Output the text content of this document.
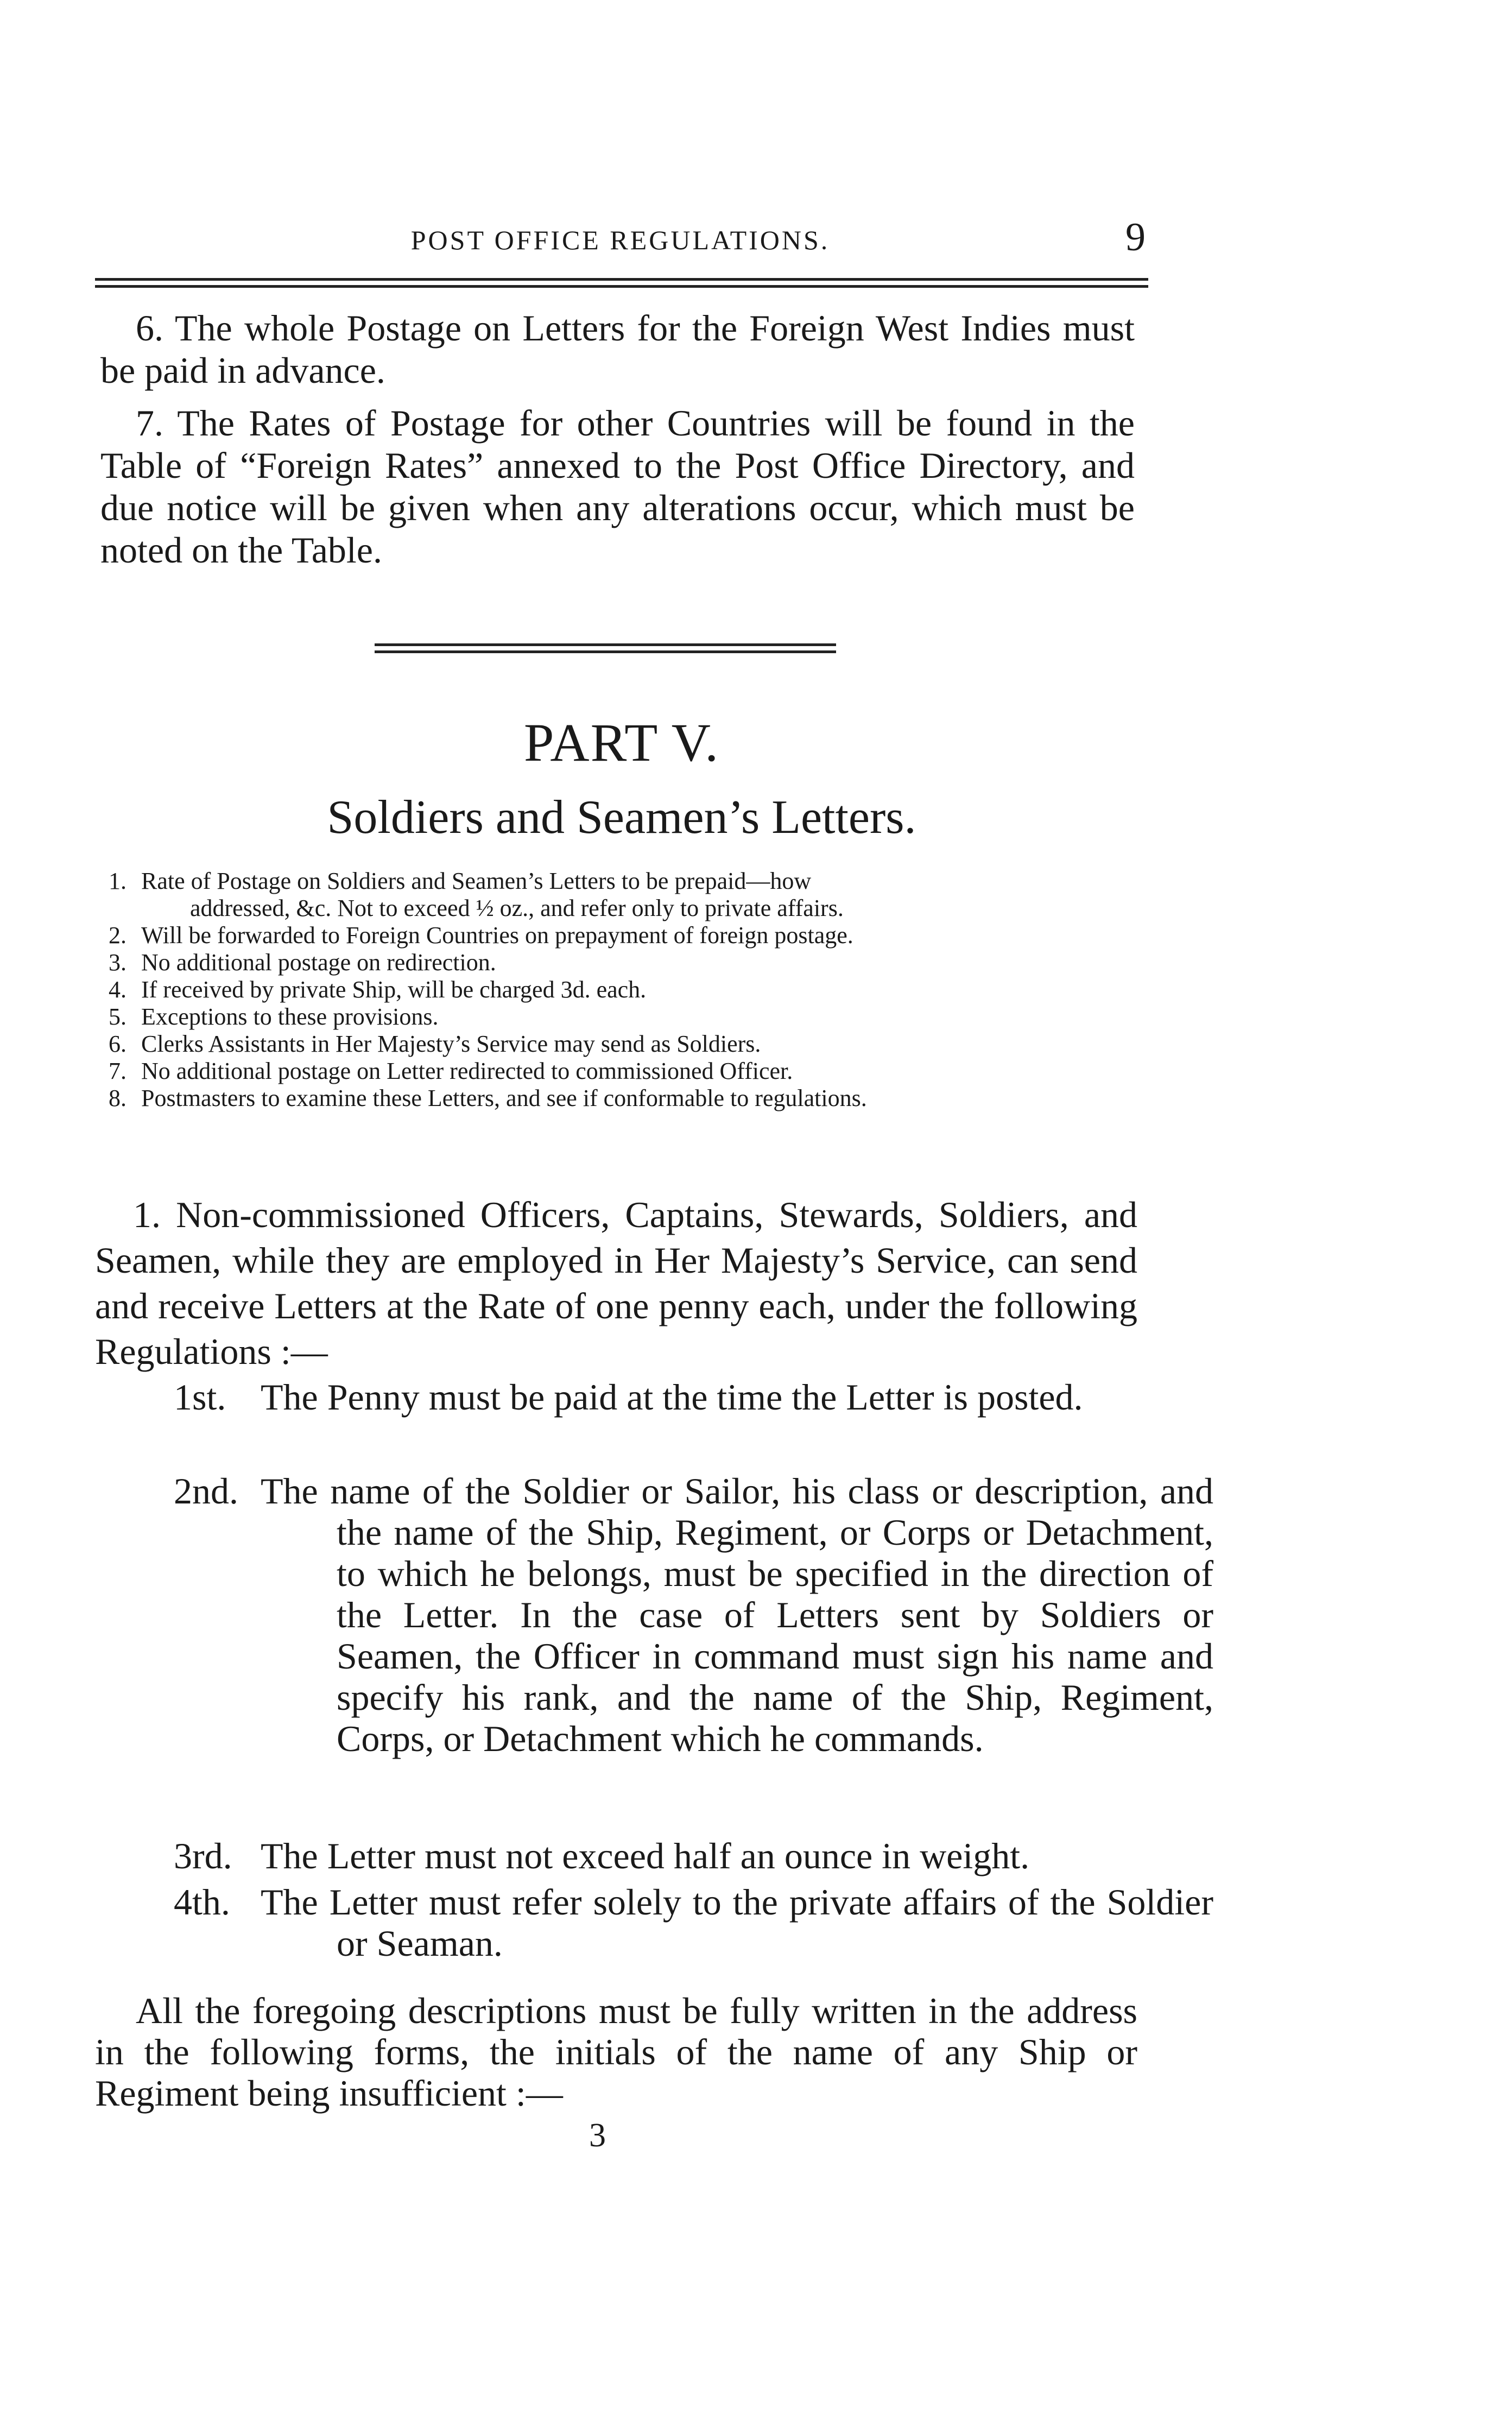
POST OFFICE REGULATIONS.	9
6. The whole Postage on Letters for the Foreign West Indies must be paid in advance.
7. The Rates of Postage for other Countries will be found in the Table of “Foreign Rates” annexed to the Post Office Directory, and due notice will be given when any alterations occur, which must be noted on the Table.
PART V.
Soldiers and Seamen’s Letters.
1. Rate of Postage on Soldiers and Seamen’s Letters to be prepaid—how
addressed, &c. Not to exceed ½ oz., and refer only to private affairs.
2. Will be forwarded to Foreign Countries on prepayment of foreign postage.
3. No additional postage on redirection.
4. If received by private Ship, will be charged 3d. each.
5. Exceptions to these provisions.
6. Clerks Assistants in Her Majesty’s Service may send as Soldiers.
7. No additional postage on Letter redirected to commissioned Officer.
8. Postmasters to examine these Letters, and see if conformable to regulations.
1. Non-commissioned Officers, Captains, Stewards, Soldiers, and Seamen, while they are employed in Her Majesty’s Service, can send and receive Letters at the Rate of one penny each, under the following Regulations :—
1st. The Penny must be paid at the time the Letter is posted.
2nd. The name of the Soldier or Sailor, his class or description, and the name of the Ship, Regiment, or Corps or Detachment, to which he belongs, must be specified in the direction of the Letter. In the case of Letters sent by Soldiers or Seamen, the Officer in command must sign his name and specify his rank, and the name of the Ship, Regiment, Corps, or Detachment which he commands.
3rd. The Letter must not exceed half an ounce in weight.
4th. The Letter must refer solely to the private affairs of the Soldier or Seaman.
All the foregoing descriptions must be fully written in the address in the following forms, the initials of the name of any Ship or Regiment being insufficient :—
3
